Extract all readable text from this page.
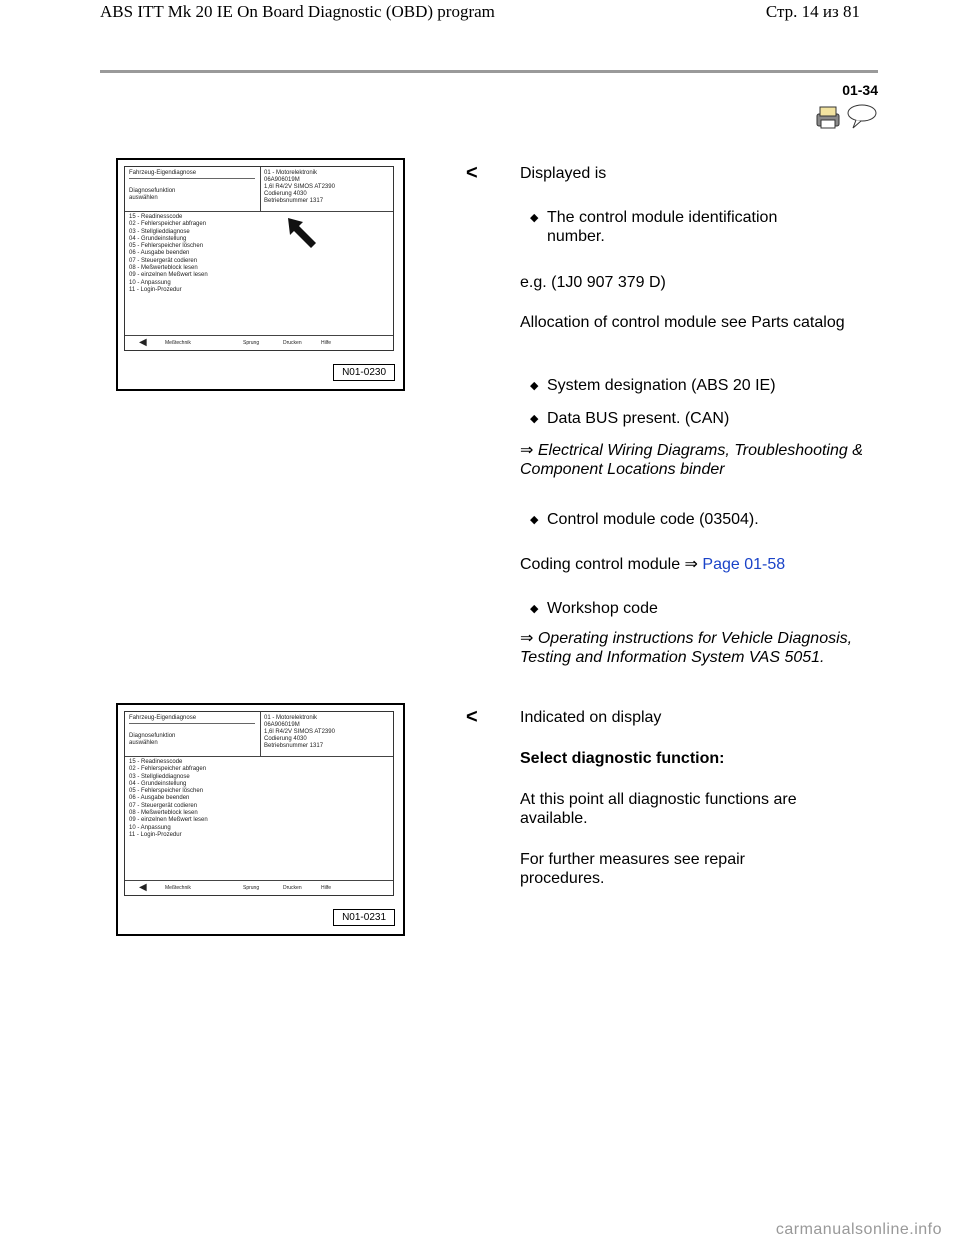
ABS ITT Mk 20 IE On Board Diagnostic (OBD) program	Стр. 14 из 81
01-34
Fahrzeug-Eigendiagnose
Diagnosefunktion
auswählen
01 - Motorelektronik
06A906019M
1,6l R4/2V SIMOS AT2390
Codierung 4030
Betriebsnummer 1317
15 - Readinesscode
02 - Fehlerspeicher abfragen
03 - Stellglieddiagnose
04 - Grundeinstellung
05 - Fehlerspeicher löschen
06 - Ausgabe beenden
07 - Steuergerät codieren
08 - Meßwerteblock lesen
09 - einzelnen Meßwert lesen
10 - Anpassung
11 - Login-Prozedur
◀	Meßtechnik	Sprung	Drucken	Hilfe
N01-0230
<	Displayed is
◆ The control module identification number.
e.g. (1J0 907 379 D)
Allocation of control module see Parts catalog
◆ System designation (ABS 20 IE)
◆ Data BUS present. (CAN)
⇒ Electrical Wiring Diagrams, Troubleshooting & Component Locations binder
◆ Control module code (03504).
Coding control module ⇒ Page 01-58
◆ Workshop code
⇒ Operating instructions for Vehicle Diagnosis, Testing and Information System VAS 5051.
Fahrzeug-Eigendiagnose
Diagnosefunktion
auswählen
01 - Motorelektronik
06A906019M
1,6l R4/2V SIMOS AT2390
Codierung 4030
Betriebsnummer 1317
15 - Readinesscode
02 - Fehlerspeicher abfragen
03 - Stellglieddiagnose
04 - Grundeinstellung
05 - Fehlerspeicher löschen
06 - Ausgabe beenden
07 - Steuergerät codieren
08 - Meßwerteblock lesen
09 - einzelnen Meßwert lesen
10 - Anpassung
11 - Login-Prozedur
◀	Meßtechnik	Sprung	Drucken	Hilfe
N01-0231
<	Indicated on display
Select diagnostic function:
At this point all diagnostic functions are available.
For further measures see repair procedures.
carmanualsonline.info
